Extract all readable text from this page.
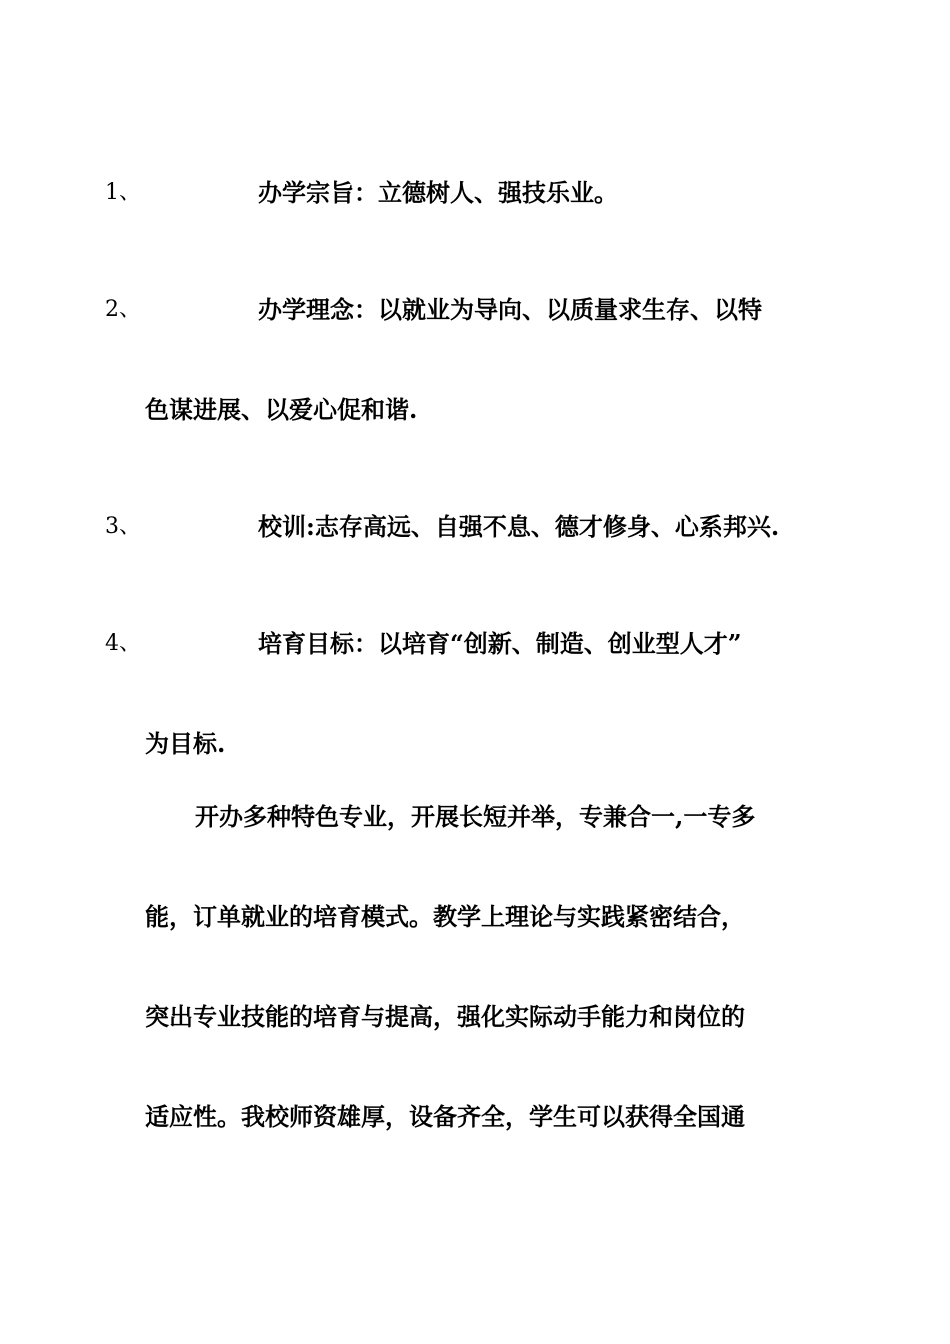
1、	办学宗旨：立德树人、强技乐业。
2、	办学理念：以就业为导向、以质量求生存、以特
色谋进展、以爱心促和谐.
3、	校训:志存高远、自强不息、德才修身、心系邦兴.
4、	培育目标：以培育“创新、制造、创业型人才”
为目标.
开办多种特色专业，开展长短并举，专兼合一,一专多
能，订单就业的培育模式。教学上理论与实践紧密结合，
突出专业技能的培育与提高，强化实际动手能力和岗位的
适应性。我校师资雄厚，设备齐全，学生可以获得全国通
